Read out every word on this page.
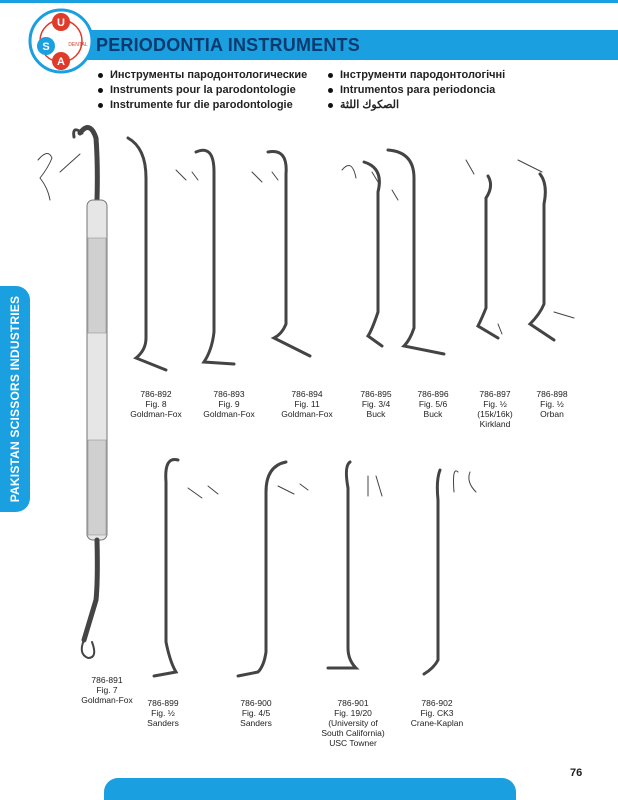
U
S
A
DENTAL PERIODONTIA INSTRUMENTS
Инструменты пародонтологические
Instruments pour la parodontologie
Instrumente fur die parodontologie
Інструменти пародонтологічні
Intrumentos para periodoncia
الصكوك اللثة
PAKISTAN SCISSORS INDUSTRIES	786-892
Fig. 8
Goldman-Fox
786-893
Fig. 9
Goldman-Fox
786-894
Fig. 11
Goldman-Fox
786-895
Fig. 3/4
Buck
786-896
Fig. 5/6
Buck
786-897
Fig. ½
(15k/16k)
Kirkland
786-898
Fig. ½
Orban
786-891
Fig. 7
Goldman-Fox 786-899
Fig. ½
Sanders
786-900
Fig. 4/5
Sanders
786-901
Fig. 19/20
(University of
South California)
USC Towner
786-902
Fig. CK3
Crane-Kaplan
76
